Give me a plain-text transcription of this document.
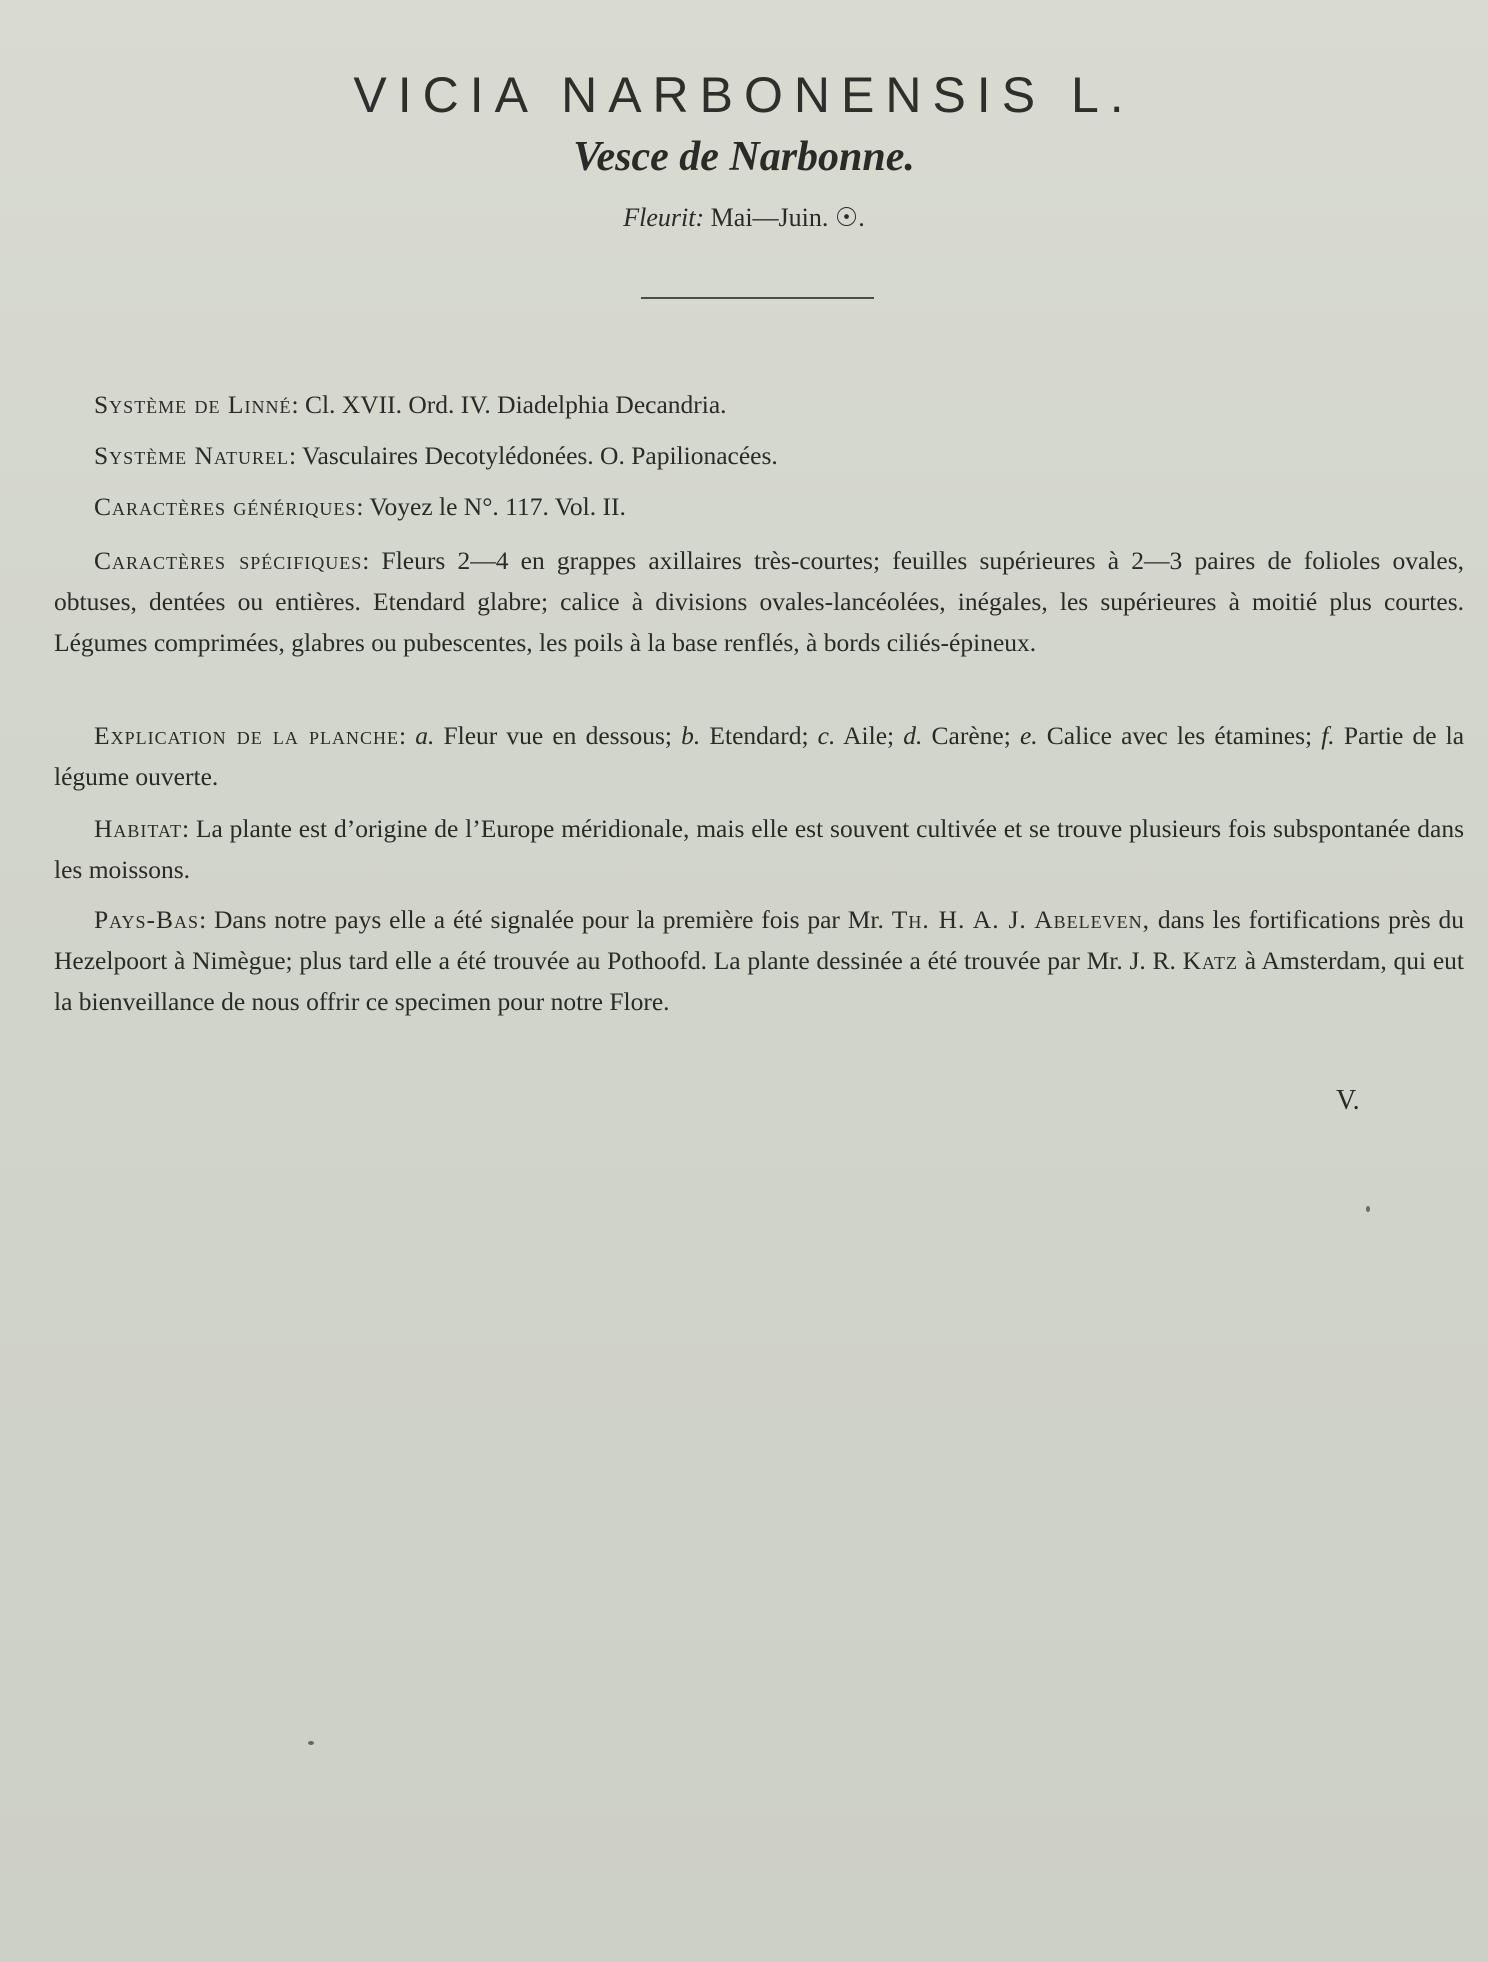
VICIA NARBONENSIS L.
Vesce de Narbonne.
Fleurit: Mai—Juin. ☉.

Système de Linné: Cl. XVII. Ord. IV. Diadelphia Decandria.

Système Naturel: Vasculaires Decotylédonées. O. Papilionacées.

Caractères génériques: Voyez le N°. 117. Vol. II.

Caractères spécifiques: Fleurs 2—4 en grappes axillaires très-courtes; feuilles supérieures à 2—3 paires de folioles ovales, obtuses, dentées ou entières. Etendard glabre; calice à divisions ovales-lancéolées, inégales, les supérieures à moitié plus courtes. Légumes comprimées, glabres ou pubescentes, les poils à la base renflés, à bords ciliés-épineux.

Explication de la planche: a. Fleur vue en dessous; b. Etendard; c. Aile; d. Carène; e. Calice avec les étamines; f. Partie de la légume ouverte.

Habitat: La plante est d’origine de l’Europe méridionale, mais elle est souvent cultivée et se trouve plusieurs fois subspontanée dans les moissons.

Pays-Bas: Dans notre pays elle a été signalée pour la première fois par Mr. Th. H. A. J. Abeleven, dans les fortifications près du Hezelpoort à Nimègue; plus tard elle a été trouvée au Pothoofd. La plante dessinée a été trouvée par Mr. J. R. Katz à Amsterdam, qui eut la bienveillance de nous offrir ce specimen pour notre Flore.

V.
